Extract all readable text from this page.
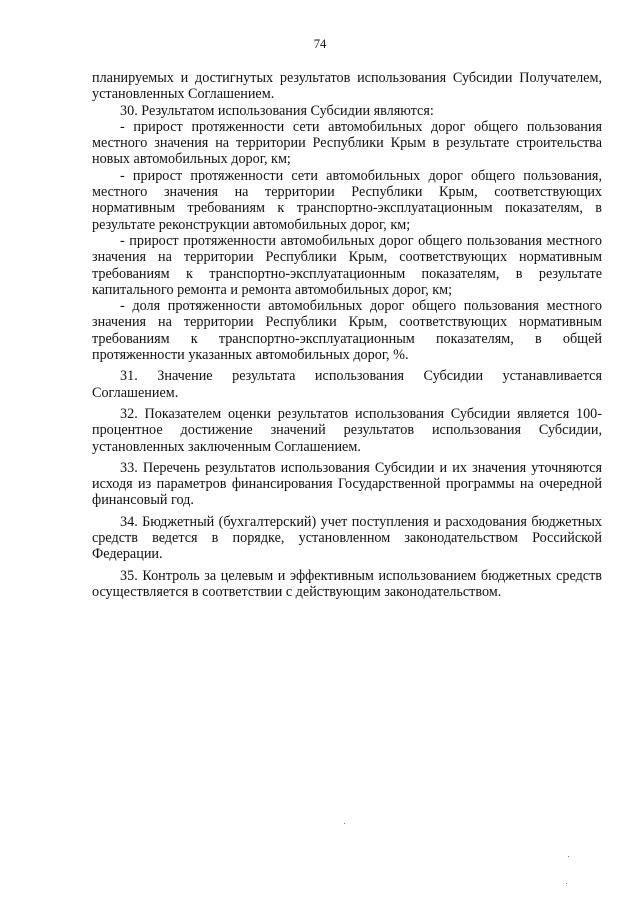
74

планируемых и достигнутых результатов использования Субсидии Получателем, установленных Соглашением.

30. Результатом использования Субсидии являются:

- прирост протяженности сети автомобильных дорог общего пользования местного значения на территории Республики Крым в результате строительства новых автомобильных дорог, км;

- прирост протяженности сети автомобильных дорог общего пользования, местного значения на территории Республики Крым, соответствующих нормативным требованиям к транспортно-эксплуатационным показателям, в результате реконструкции автомобильных дорог, км;

- прирост протяженности автомобильных дорог общего пользования местного значения на территории Республики Крым, соответствующих нормативным требованиям к транспортно-эксплуатационным показателям, в результате капитального ремонта и ремонта автомобильных дорог, км;

- доля протяженности автомобильных дорог общего пользования местного значения на территории Республики Крым, соответствующих нормативным требованиям к транспортно-эксплуатационным показателям, в общей протяженности указанных автомобильных дорог, %.

31. Значение результата использования Субсидии устанавливается Соглашением.

32. Показателем оценки результатов использования Субсидии является 100-процентное достижение значений результатов использования Субсидии, установленных заключенным Соглашением.

33. Перечень результатов использования Субсидии и их значения уточняются исходя из параметров финансирования Государственной программы на очередной финансовый год.

34. Бюджетный (бухгалтерский) учет поступления и расходования бюджетных средств ведется в порядке, установленном законодательством Российской Федерации.

35. Контроль за целевым и эффективным использованием бюджетных средств осуществляется в соответствии с действующим законодательством.
